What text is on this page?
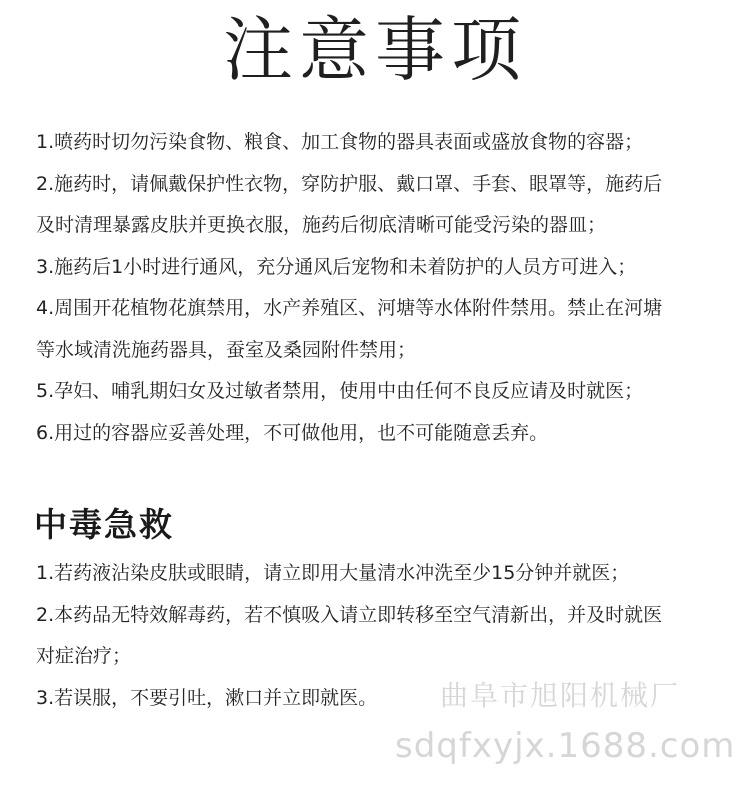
注意事项
1.喷药时切勿污染食物、粮食、加工食物的器具表面或盛放食物的容器；
2.施药时，请佩戴保护性衣物，穿防护服、戴口罩、手套、眼罩等，施药后
及时清理暴露皮肤并更换衣服，施药后彻底清晰可能受污染的器皿；
3.施药后1小时进行通风，充分通风后宠物和未着防护的人员方可进入；
4.周围开花植物花旗禁用，水产养殖区、河塘等水体附件禁用。禁止在河塘
等水域清洗施药器具，蚕室及桑园附件禁用；
5.孕妇、哺乳期妇女及过敏者禁用，使用中由任何不良反应请及时就医；
6.用过的容器应妥善处理，不可做他用，也不可能随意丢弃。
中毒急救
1.若药液沾染皮肤或眼睛，请立即用大量清水冲洗至少15分钟并就医；
2.本药品无特效解毒药，若不慎吸入请立即转移至空气清新出，并及时就医
对症治疗；
3.若误服，不要引吐，漱口并立即就医。	曲阜市旭阳机械厂
sdqfxyjx.1688.com
